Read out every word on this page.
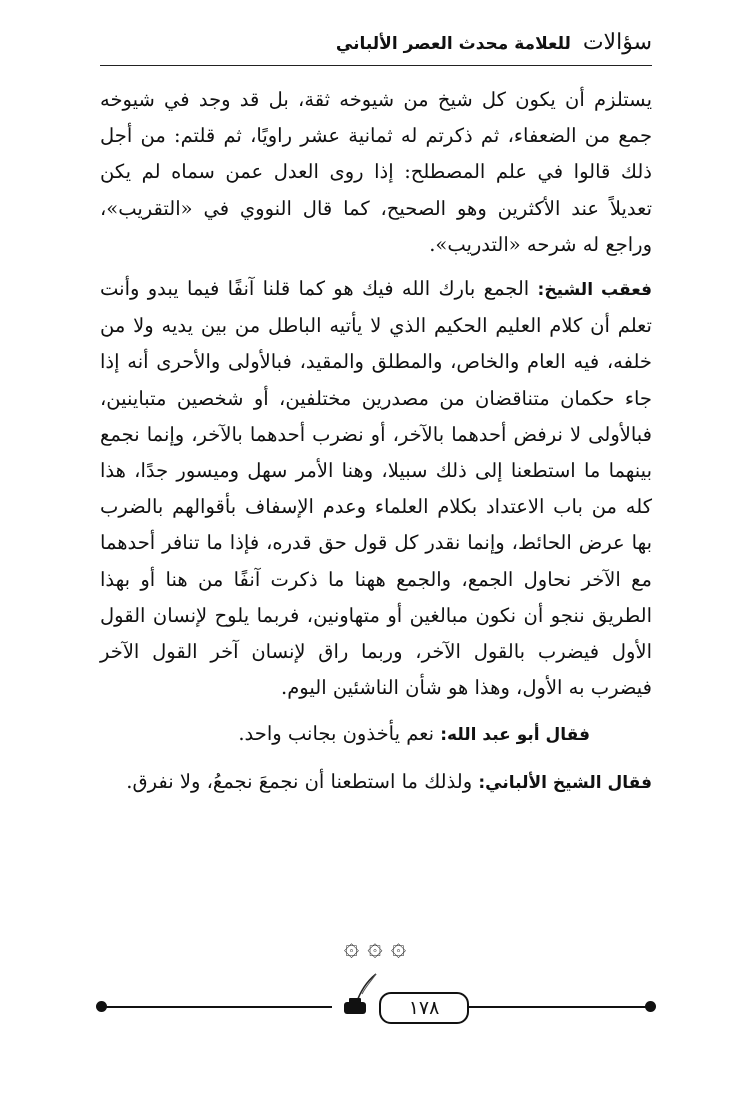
سؤالات للعلامة محدث العصر الألباني

يستلزم أن يكون كل شيخ من شيوخه ثقة، بل قد وجد في شيوخه جمع من الضعفاء، ثم ذكرتم له ثمانية عشر راويًا، ثم قلتم: من أجل ذلك قالوا في علم المصطلح: إذا روى العدل عمن سماه لم يكن تعديلاً عند الأكثرين وهو الصحيح، كما قال النووي في «التقريب»، وراجع له شرحه «التدريب».

فعقب الشيخ: الجمع بارك الله فيك هو كما قلنا آنفًا فيما يبدو وأنت تعلم أن كلام العليم الحكيم الذي لا يأتيه الباطل من بين يديه ولا من خلفه، فيه العام والخاص، والمطلق والمقيد، فبالأولى والأحرى أنه إذا جاء حكمان متناقضان من مصدرين مختلفين، أو شخصين متباينين، فبالأولى لا نرفض أحدهما بالآخر، أو نضرب أحدهما بالآخر، وإنما نجمع بينهما ما استطعنا إلى ذلك سبيلا، وهنا الأمر سهل وميسور جدًا، هذا كله من باب الاعتداد بكلام العلماء وعدم الإسفاف بأقوالهم بالضرب بها عرض الحائط، وإنما نقدر كل قول حق قدره، فإذا ما تنافر أحدهما مع الآخر نحاول الجمع، والجمع ههنا ما ذكرت آنفًا من هنا أو بهذا الطريق ننجو أن نكون مبالغين أو متهاونين، فربما يلوح لإنسان القول الأول فيضرب بالقول الآخر، وربما راق لإنسان آخر القول الآخر فيضرب به الأول، وهذا هو شأن الناشئين اليوم.

فقال أبو عبد الله: نعم يأخذون بجانب واحد.

فقال الشيخ الألباني: ولذلك ما استطعنا أن نجمعَ نجمعُ، ولا نفرق.

۞ ۞ ۞
١٧٨
